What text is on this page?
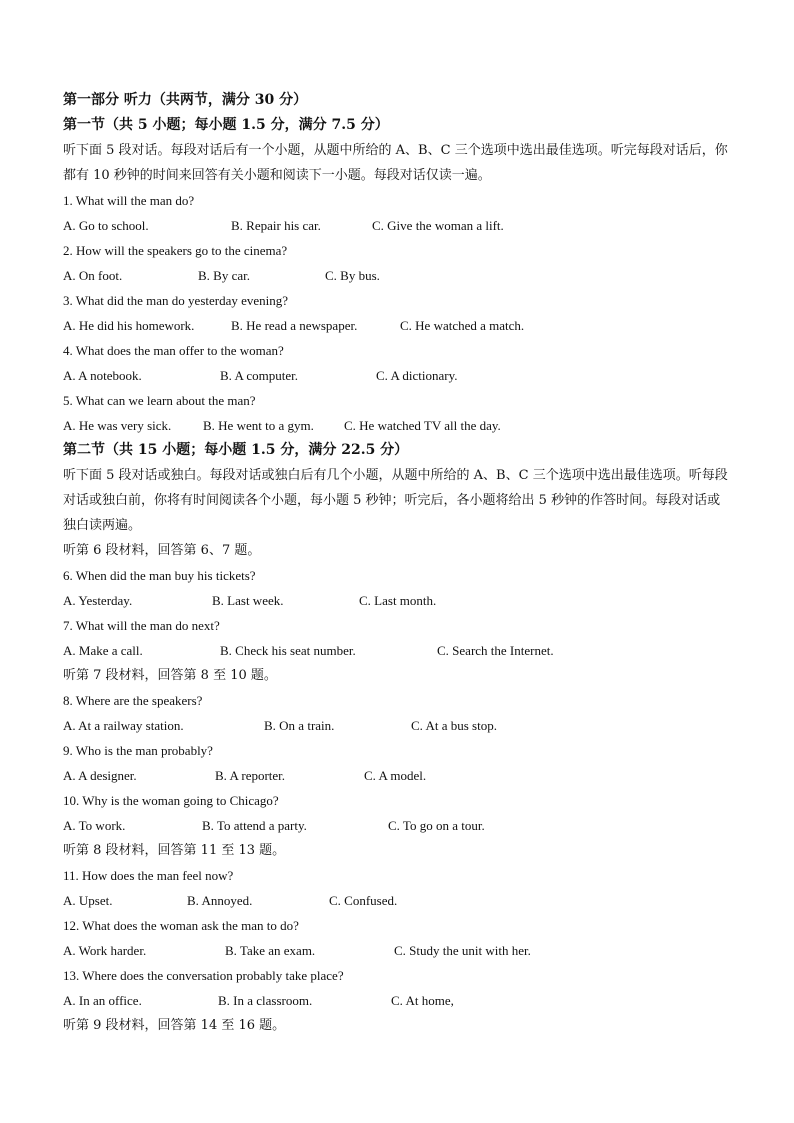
第一部分 听力（共两节，满分 30 分）
第一节（共 5 小题；每小题 1.5 分，满分 7.5 分）
听下面 5 段对话。每段对话后有一个小题，从题中所给的 A、B、C 三个选项中选出最佳选项。听完每段对话后，你都有 10 秒钟的时间来回答有关小题和阅读下一小题。每段对话仅读一遍。
1. What will the man do?
A. Go to school.	B. Repair his car.	C. Give the woman a lift.
2. How will the speakers go to the cinema?
A. On foot.	B. By car.	C. By bus.
3. What did the man do yesterday evening?
A. He did his homework.	B. He read a newspaper.	C. He watched a match.
4. What does the man offer to the woman?
A. A notebook.	B. A computer.	C. A dictionary.
5. What can we learn about the man?
A. He was very sick.	B. He went to a gym.	C. He watched TV all the day.
第二节（共 15 小题；每小题 1.5 分，满分 22.5 分）
听下面 5 段对话或独白。每段对话或独白后有几个小题，从题中所给的 A、B、C 三个选项中选出最佳选项。听每段对话或独白前，你将有时间阅读各个小题，每小题 5 秒钟；听完后，各小题将给出 5 秒钟的作答时间。每段对话或独白读两遍。
听第 6 段材料，回答第 6、7 题。
6. When did the man buy his tickets?
A. Yesterday.	B. Last week.	C. Last month.
7. What will the man do next?
A. Make a call.	B. Check his seat number.	C. Search the Internet.
听第 7 段材料，回答第 8 至 10 题。
8. Where are the speakers?
A. At a railway station.	B. On a train.	C. At a bus stop.
9. Who is the man probably?
A. A designer.	B. A reporter.	C. A model.
10. Why is the woman going to Chicago?
A. To work.	B. To attend a party.	C. To go on a tour.
听第 8 段材料，回答第 11 至 13 题。
11. How does the man feel now?
A. Upset.	B. Annoyed.	C. Confused.
12. What does the woman ask the man to do?
A. Work harder.	B. Take an exam.	C. Study the unit with her.
13. Where does the conversation probably take place?
A. In an office.	B. In a classroom.	C. At home,
听第 9 段材料，回答第 14 至 16 题。
